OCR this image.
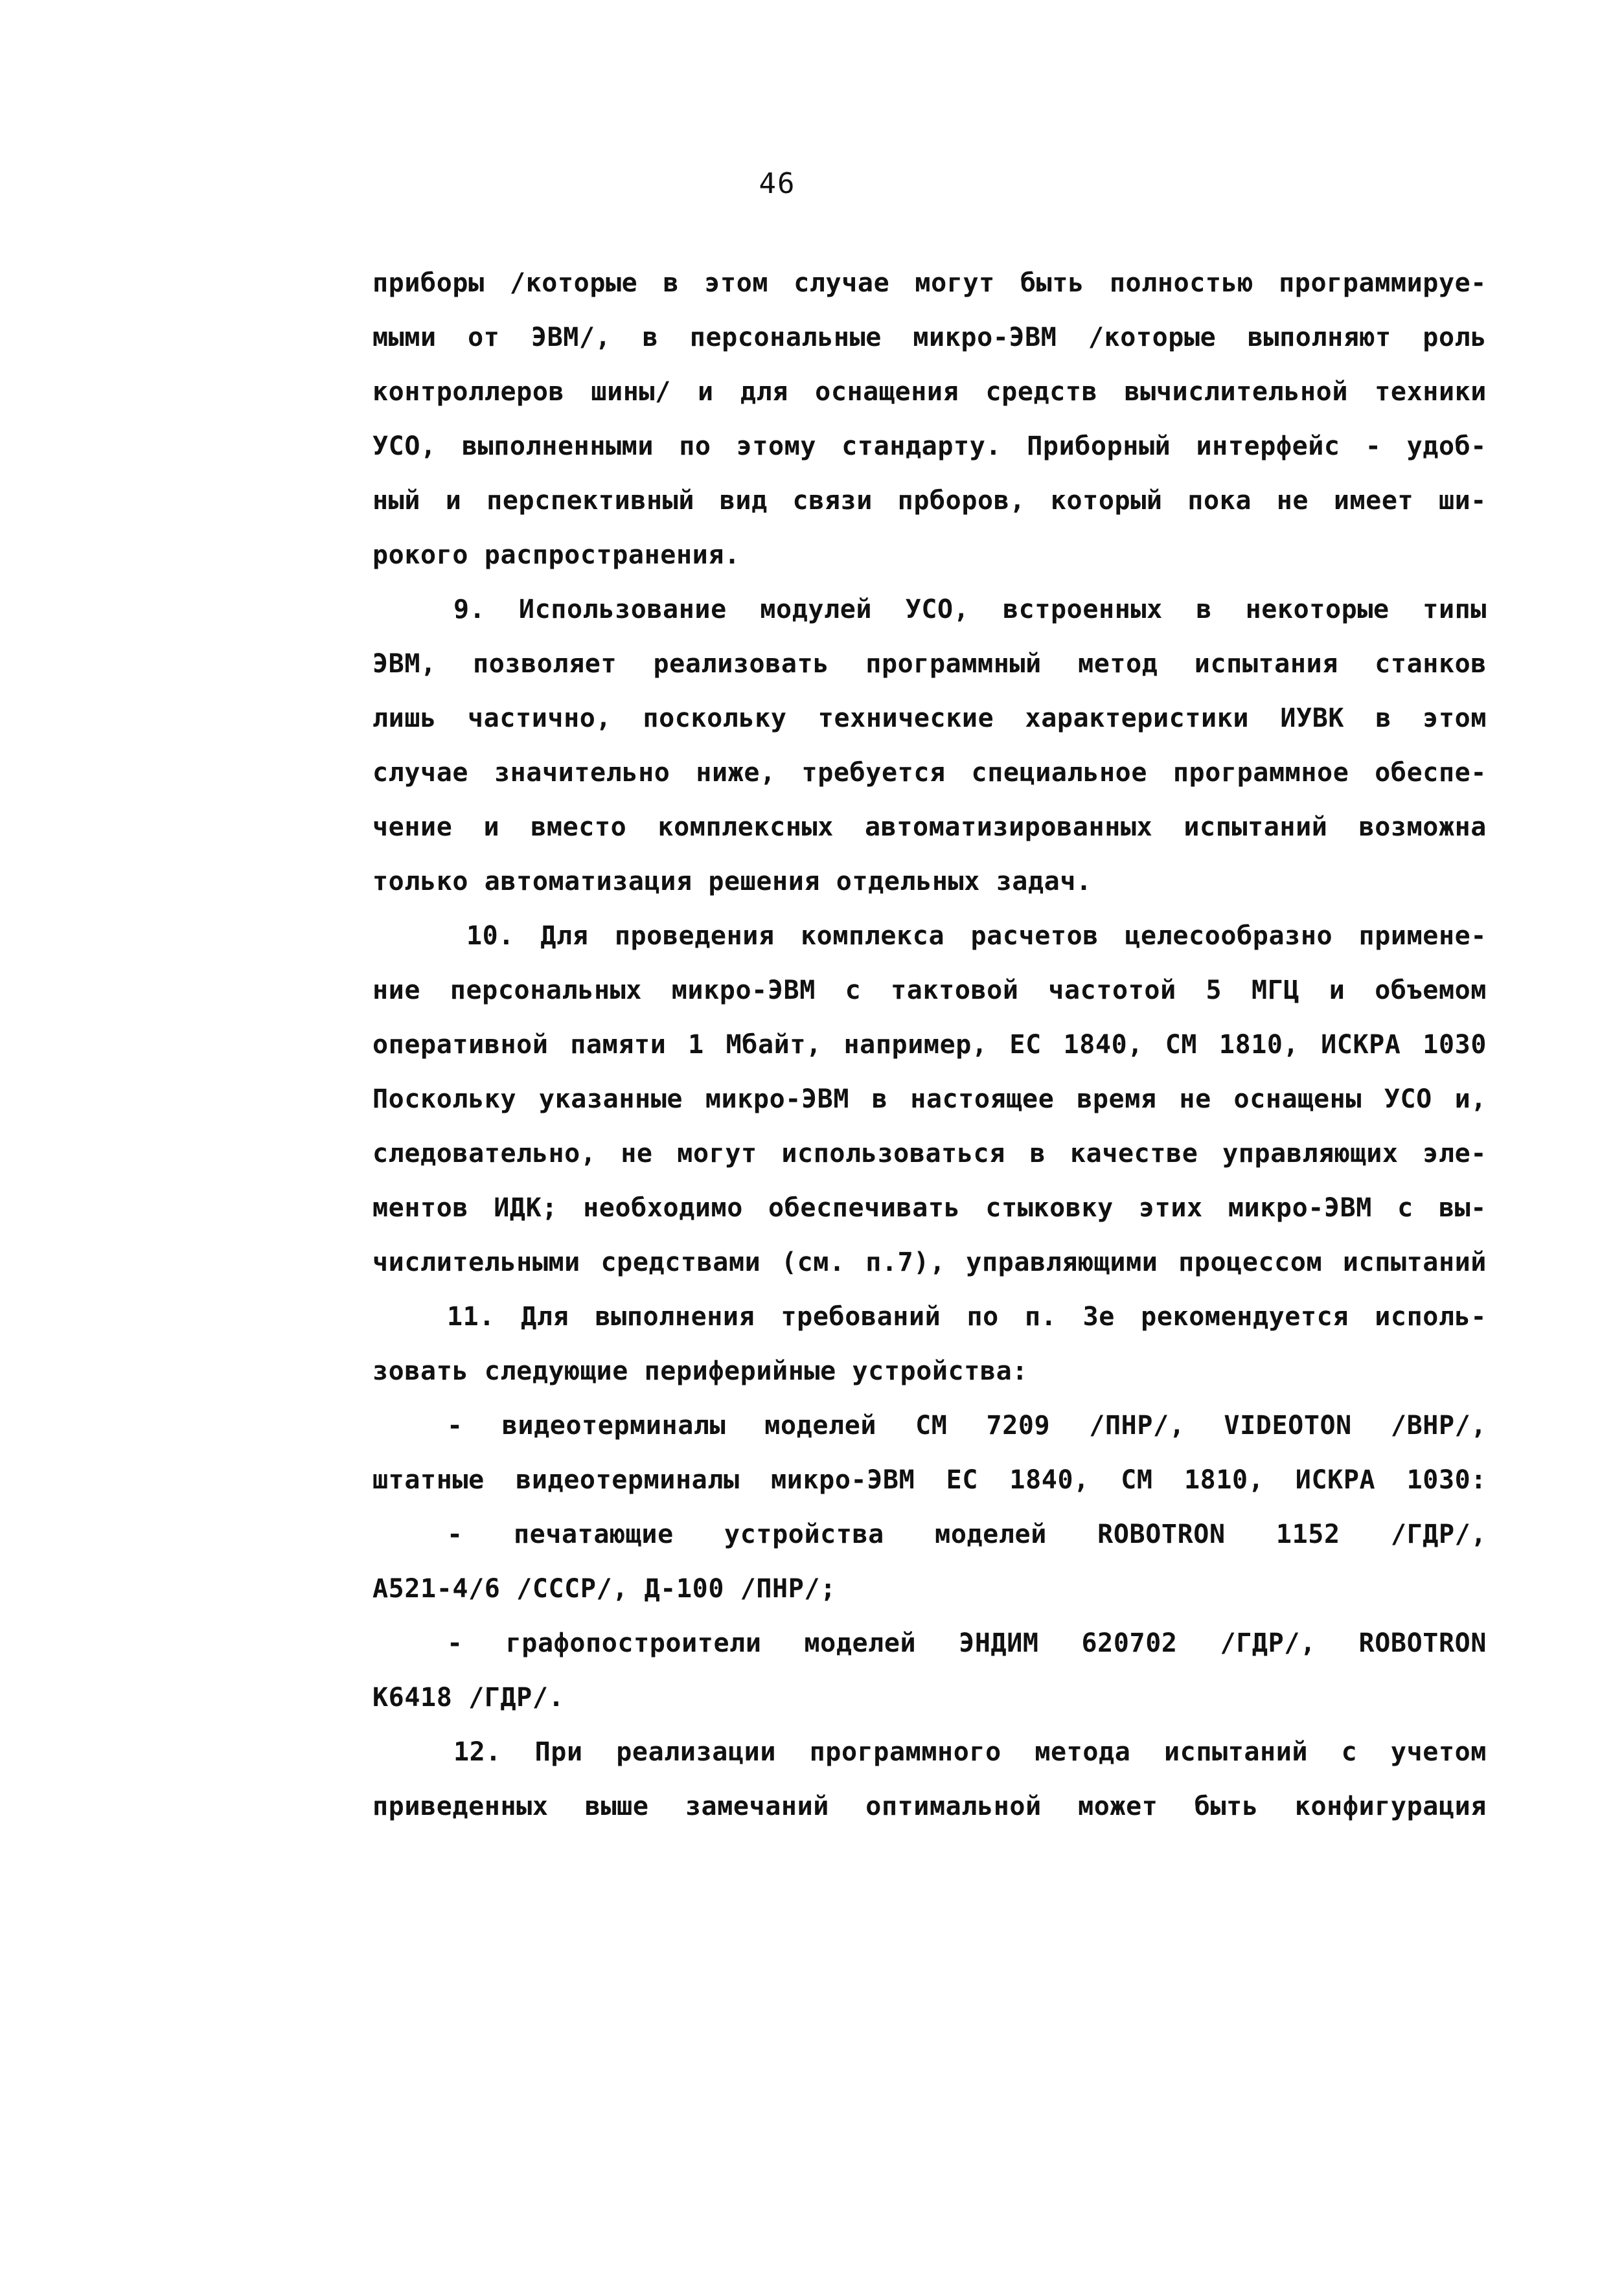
46
приборы /которые в этом случае могут быть полностью программируе-
мыми от ЭВМ/, в персональные микро-ЭВМ /которые выполняют роль
контроллеров шины/ и для оснащения средств вычислительной техники
УСО, выполненными по этому стандарту. Приборный интерфейс - удоб-
ный и перспективный вид связи прборов, который пока не имеет ши-
рокого распространения.
9. Использование модулей УСО, встроенных в некоторые типы
ЭВМ, позволяет реализовать программный метод испытания станков
лишь частично, поскольку технические характеристики ИУВК в этом
случае значительно ниже, требуется специальное программное обеспе-
чение и вместо комплексных автоматизированных испытаний возможна
только автоматизация решения отдельных задач.
10. Для проведения комплекса расчетов целесообразно примене-
ние персональных микро-ЭВМ с тактовой частотой 5 МГЦ и объемом
оперативной памяти 1 Мбайт, например, ЕС 1840, СМ 1810, ИСКРА 1030
Поскольку указанные микро-ЭВМ в настоящее время не оснащены УСО и,
следовательно, не могут использоваться в качестве управляющих эле-
ментов ИДК; необходимо обеспечивать стыковку этих микро-ЭВМ с вы-
числительными средствами (см. п.7), управляющими процессом испытаний
11. Для выполнения требований по п. 3е рекомендуется исполь-
зовать следующие периферийные устройства:
- видеотерминалы моделей СМ 7209 /ПНР/, VIDEOTON /ВНР/,
штатные видеотерминалы микро-ЭВМ ЕС 1840, СМ 1810, ИСКРА 1030:
- печатающие устройства моделей ROBOTRON 1152 /ГДР/,
А521-4/6 /СССР/, Д-100 /ПНР/;
- графопостроители моделей ЭНДИМ 620702 /ГДР/, ROBOTRON
К6418 /ГДР/.
12. При реализации программного метода испытаний с учетом
приведенных выше замечаний оптимальной может быть конфигурация
